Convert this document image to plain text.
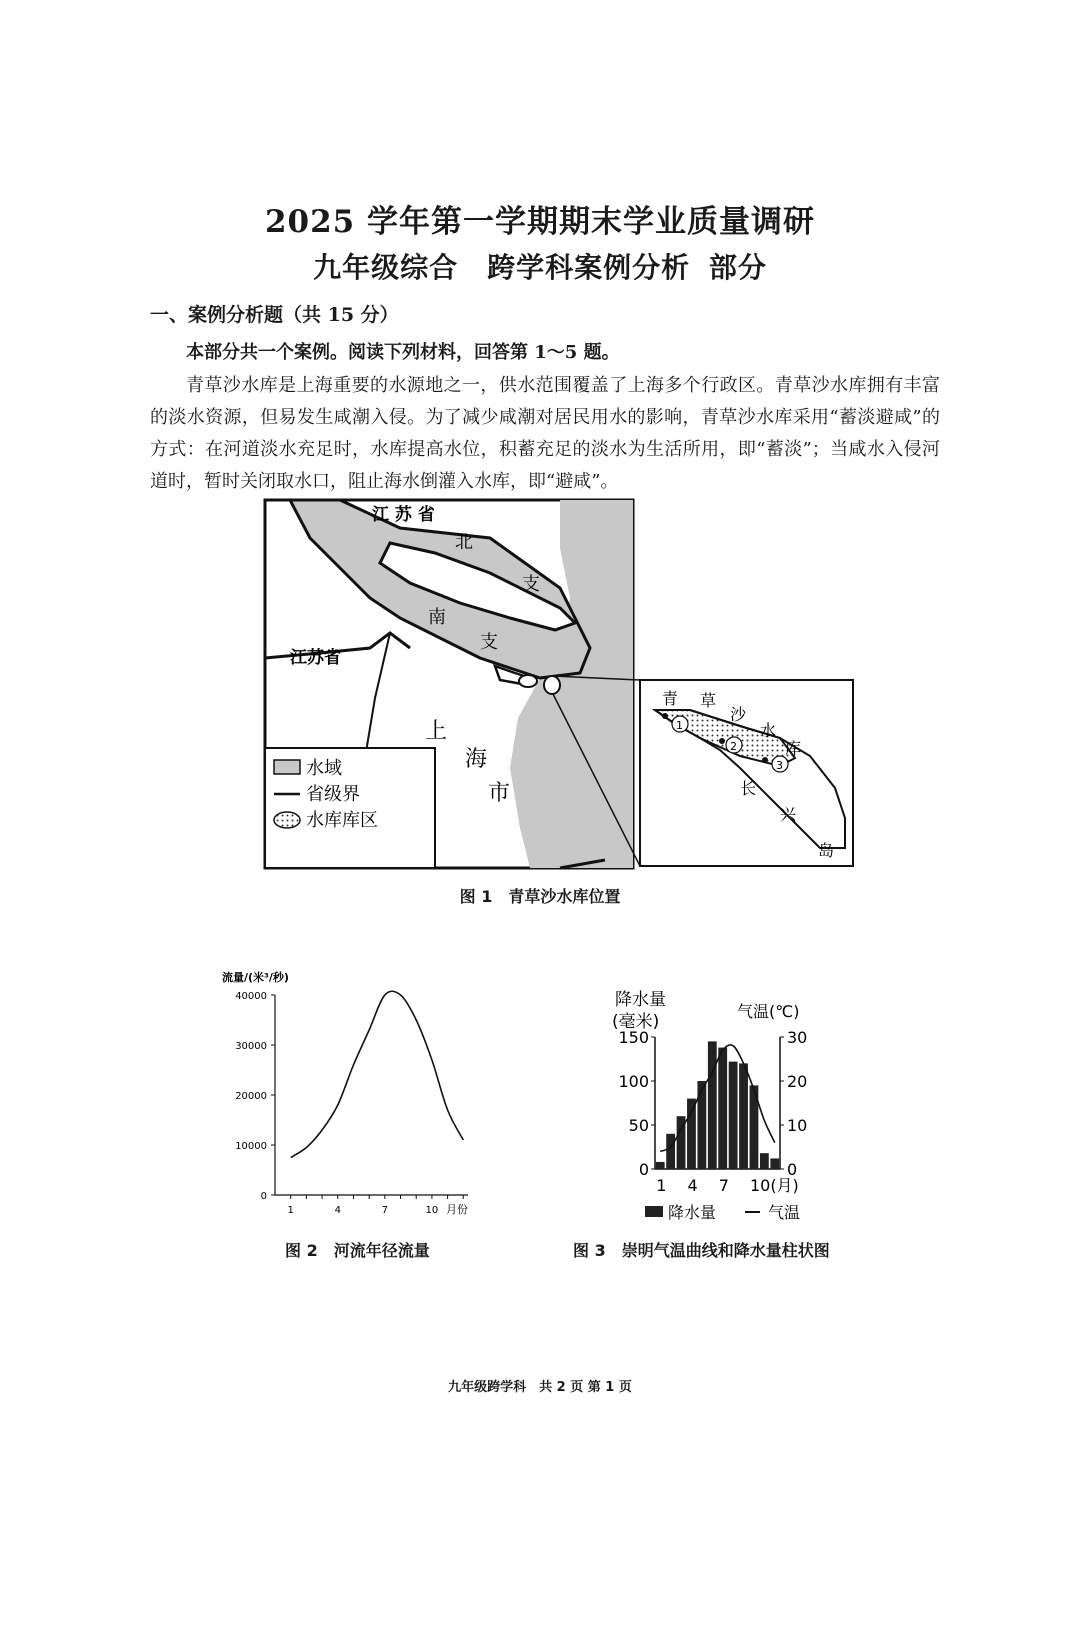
2025 学年第一学期期末学业质量调研
九年级综合　跨学科案例分析 部分
一、案例分析题（共 15 分）
本部分共一个案例。阅读下列材料，回答第 1～5 题。
青草沙水库是上海重要的水源地之一，供水范围覆盖了上海多个行政区。青草沙水库拥有丰富的淡水资源，但易发生咸潮入侵。为了减少咸潮对居民用水的影响，青草沙水库采用“蓄淡避咸”的方式：在河道淡水充足时，水库提高水位，积蓄充足的淡水为生活所用，即“蓄淡”；当咸水入侵河道时，暂时关闭取水口，阻止海水倒灌入水库，即“避咸”。
江 苏 省
江苏省
北
支
南
支
上
海
市
水域
省级界
水库库区
青 草
沙
水
库
长
兴
岛
1
2
3
图 1　青草沙水库位置
流量/(米³/秒)
40000
30000
20000
10000
0
1	4	7	10 月份
降水量
(毫米)
气温(℃)
150
100
50
0
30
20
10
0
1 4 7 10(月)
降水量	气温
图 2　河流年径流量	图 3　崇明气温曲线和降水量柱状图
九年级跨学科　共 2 页 第 1 页
